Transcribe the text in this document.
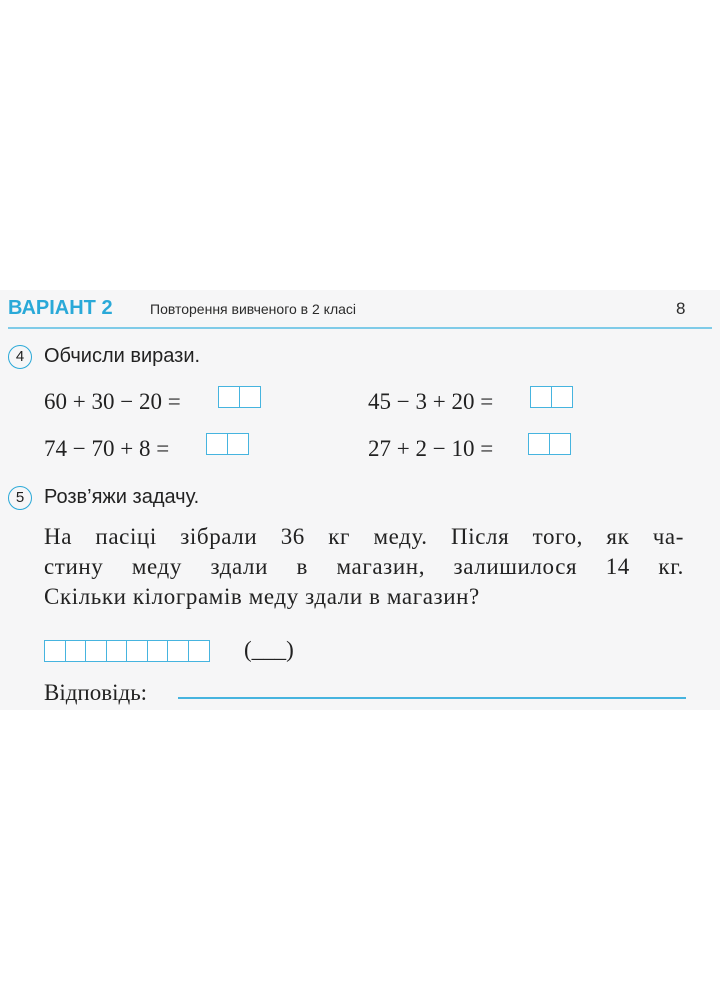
ВАРІАНТ 2	Повторення вивченого в 2 класі	8
4 Обчисли вирази.
60 + 30 − 20 =	45 − 3 + 20 =
74 − 70 + 8 =	27 + 2 − 10 =
5 Розв’яжи задачу.
На пасіці зібрали 36 кг меду. Після того, як ча-
стину меду здали в магазин, залишилося 14 кг.
Скільки кілограмів меду здали в магазин?
(___)
Відповідь:
